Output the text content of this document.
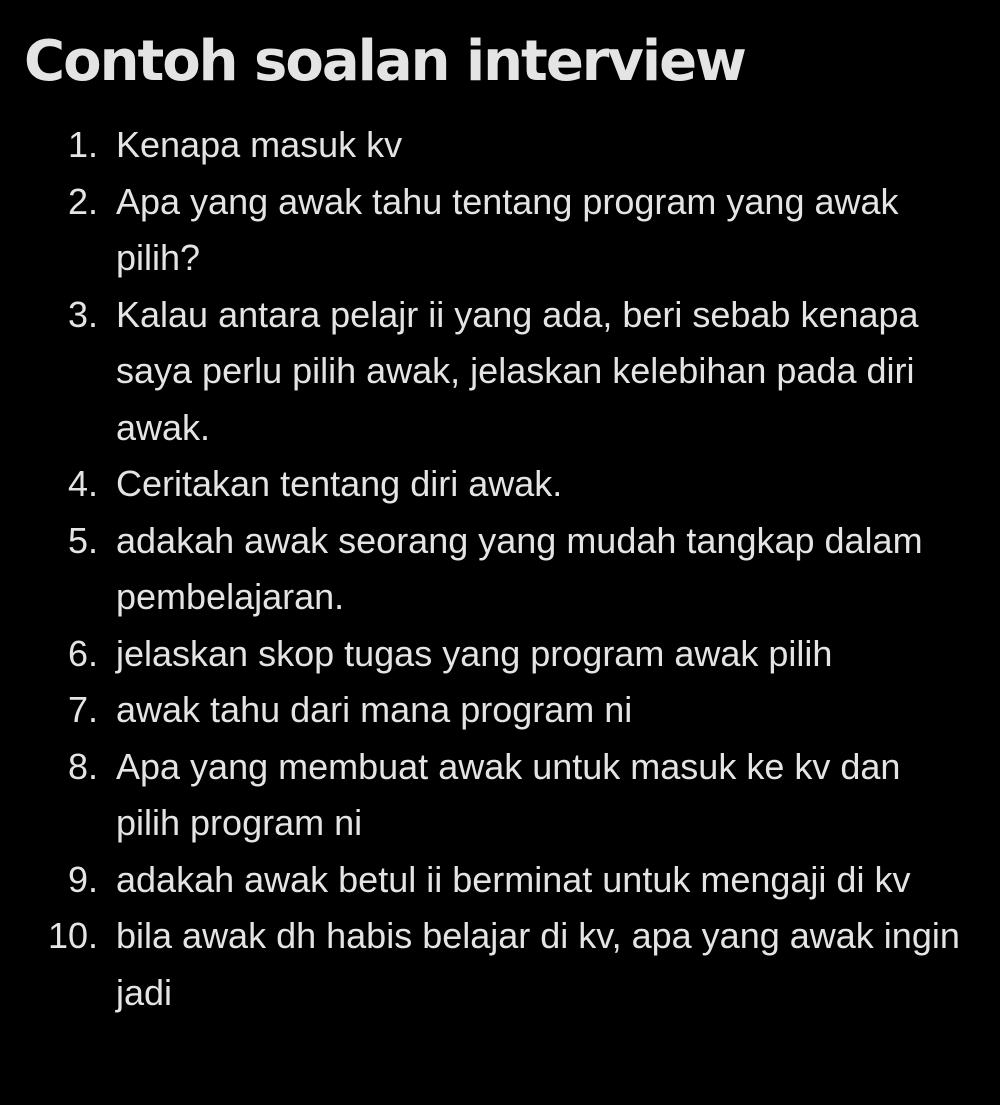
Contoh soalan interview
1. Kenapa masuk kv
2. Apa yang awak tahu tentang program yang awak pilih?
3. Kalau antara pelajr ii yang ada, beri sebab kenapa saya perlu pilih awak, jelaskan kelebihan pada diri awak.
4. Ceritakan tentang diri awak.
5. adakah awak seorang yang mudah tangkap dalam pembelajaran.
6. jelaskan skop tugas yang program awak pilih
7. awak tahu dari mana program ni
8. Apa yang membuat awak untuk masuk ke kv dan pilih program ni
9. adakah awak betul ii berminat untuk mengaji di kv
10. bila awak dh habis belajar di kv, apa yang awak ingin jadi
